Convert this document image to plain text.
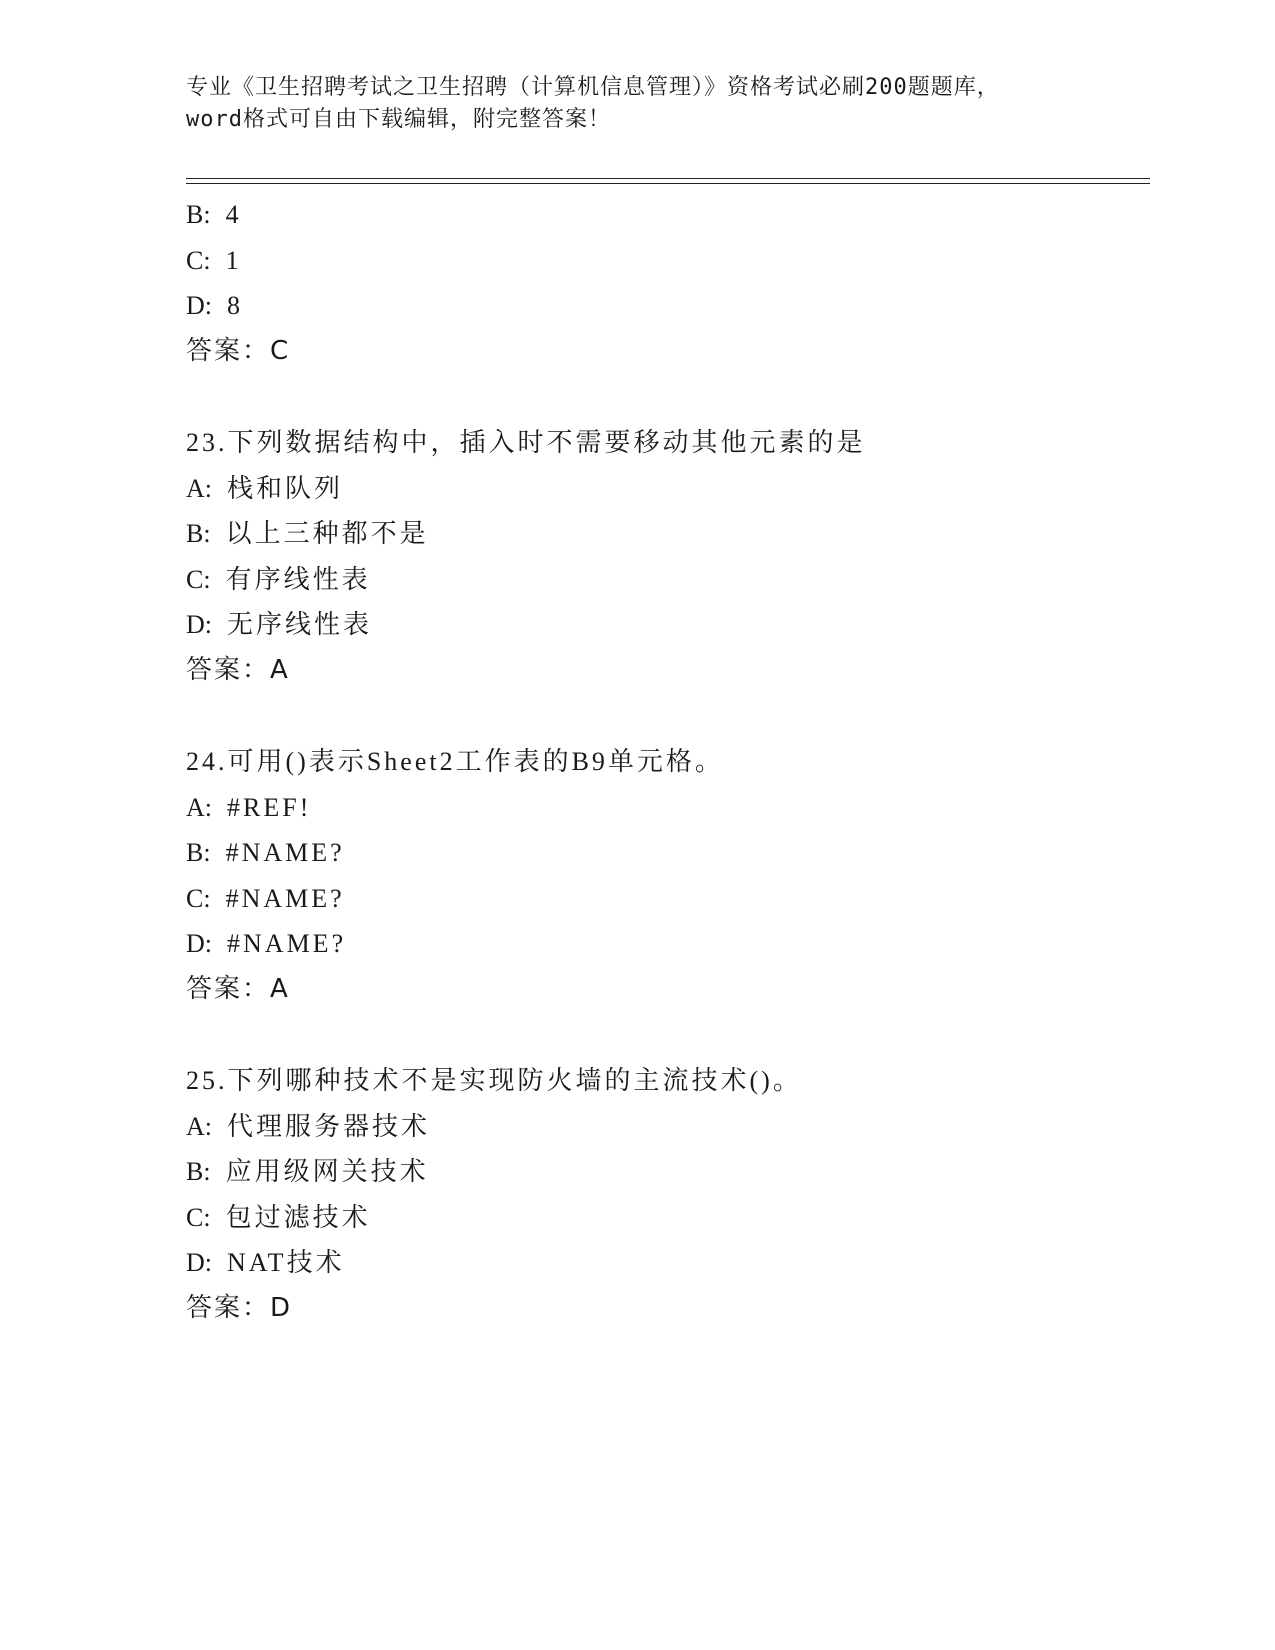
专业《卫生招聘考试之卫生招聘（计算机信息管理）》资格考试必刷200题题库，
word格式可自由下载编辑，附完整答案！
B: 4
C: 1
D: 8
答案：C
23.下列数据结构中，插入时不需要移动其他元素的是
A: 栈和队列
B: 以上三种都不是
C: 有序线性表
D: 无序线性表
答案：A
24.可用()表示Sheet2工作表的B9单元格。
A: #REF!
B: #NAME?
C: #NAME?
D: #NAME?
答案：A
25.下列哪种技术不是实现防火墙的主流技术()。
A: 代理服务器技术
B: 应用级网关技术
C: 包过滤技术
D: NAT技术
答案：D
